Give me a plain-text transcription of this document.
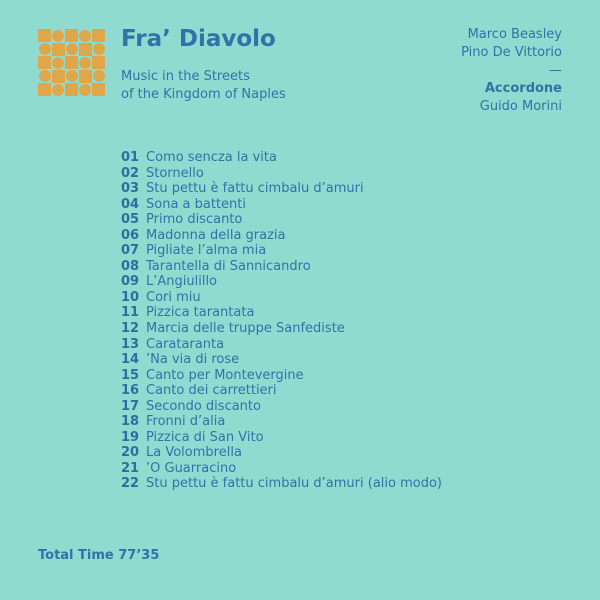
Fra’ Diavolo
Music in the Streets
of the Kingdom of Naples
Marco Beasley
Pino De Vittorio
—
Accordone
Guido Morini
01 Como sencza la vita
02 Stornello
03 Stu pettu è fattu cimbalu d’amuri
04 Sona a battenti
05 Primo discanto
06 Madonna della grazia
07 Pigliate l’alma mia
08 Tarantella di Sannicandro
09 L’Angiulillo
10 Cori miu
11 Pizzica tarantata
12 Marcia delle truppe Sanfediste
13 Carataranta
14 ’Na via di rose
15 Canto per Montevergine
16 Canto dei carrettieri
17 Secondo discanto
18 Fronni d’alia
19 Pizzica di San Vito
20 La Volombrella
21 ’O Guarracino
22 Stu pettu è fattu cimbalu d’amuri (alio modo)
Total Time 77’35
